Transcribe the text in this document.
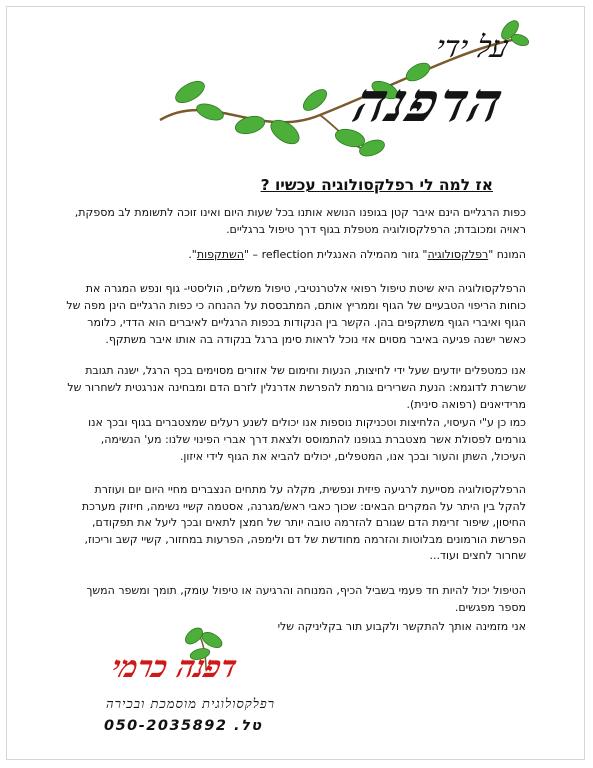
על ידי
הדפנה
אז למה לי רפלקסולוגיה עכשיו ?

כפות הרגליים הינם איבר קטן בגופנו הנושא אותנו בכל שעות היום ואינו זוכה לתשומת לב מספקת, ראויה ומכובדת; הרפלקסולוגיה מטפלת בגוף דרך טיפול ברגליים.

המונח "רפלקסולוגיה" גזור מהמילה האנגלית reflection – "השתקפות".

הרפלקסולוגיה היא שיטת טיפול רפואי אלטרנטיבי, טיפול משלים, הוליסטי- גוף ונפש המגרה את כוחות הריפוי הטבעיים של הגוף וממריץ אותם, המתבססת על ההנחה כי כפות הרגליים הינן מפה של הגוף ואיברי הגוף משתקפים בהן. הקשר בין הנקודות בכפות הרגליים לאיברים הוא הדדי, כלומר כאשר ישנה פגיעה באיבר מסוים אזי נוכל לראות סימן ברגל בנקודה בה אותו איבר משתקף.

אנו כמטפלים יודעים שעל ידי לחיצות, הנעות וחימום של אזורים מסוימים בכף הרגל, ישנה תגובת שרשרת לדוגמא: הנעת השרירים גורמת להפרשת אדרנלין לזרם הדם ומבחינה אנרגטית לשחרור של מרידיאנים (רפואה סינית).

כמו כן ע"י העיסוי, הלחיצות וטכניקות נוספות אנו יכולים לשנע רעלים שמצטברים בגוף ובכך אנו גורמים לפסולת אשר מצטברת בגופנו להתמוסס ולצאת דרך אברי הפינוי שלנו: מע' הנשימה, העיכול, השתן והעור ובכך אנו, המטפלים, יכולים להביא את הגוף לידי איזון.

הרפלקסולוגיה מסייעת לרגיעה פיזית ונפשית, מקלה על מתחים הנצברים מחיי היום יום ועוזרת להקל בין היתר על המקרים הבאים: שכוך כאבי ראש/מגרנה, אסטמה קשיי נשימה, חיזוק מערכת החיסון, שיפור זרימת הדם שגורם להזרמה טובה יותר של חמצן לתאים ובכך ליעל את תפקודם, הפרשת הורמונים מבלוטות והזרמה מחודשת של דם ולימפה, הפרעות במחזור, קשיי קשב וריכוז, שחרור לחצים ועוד...

הטיפול יכול להיות חד פעמי בשביל הכיף, המנוחה והרגיעה או טיפול עומק, תומך ומשפר המשך מספר מפגשים.

אני מזמינה אותך להתקשר ולקבוע תור בקליניקה שלי

דפנה כרמי
רפלקסולוגית מוסמכת ובכירה
טל. 050-2035892
